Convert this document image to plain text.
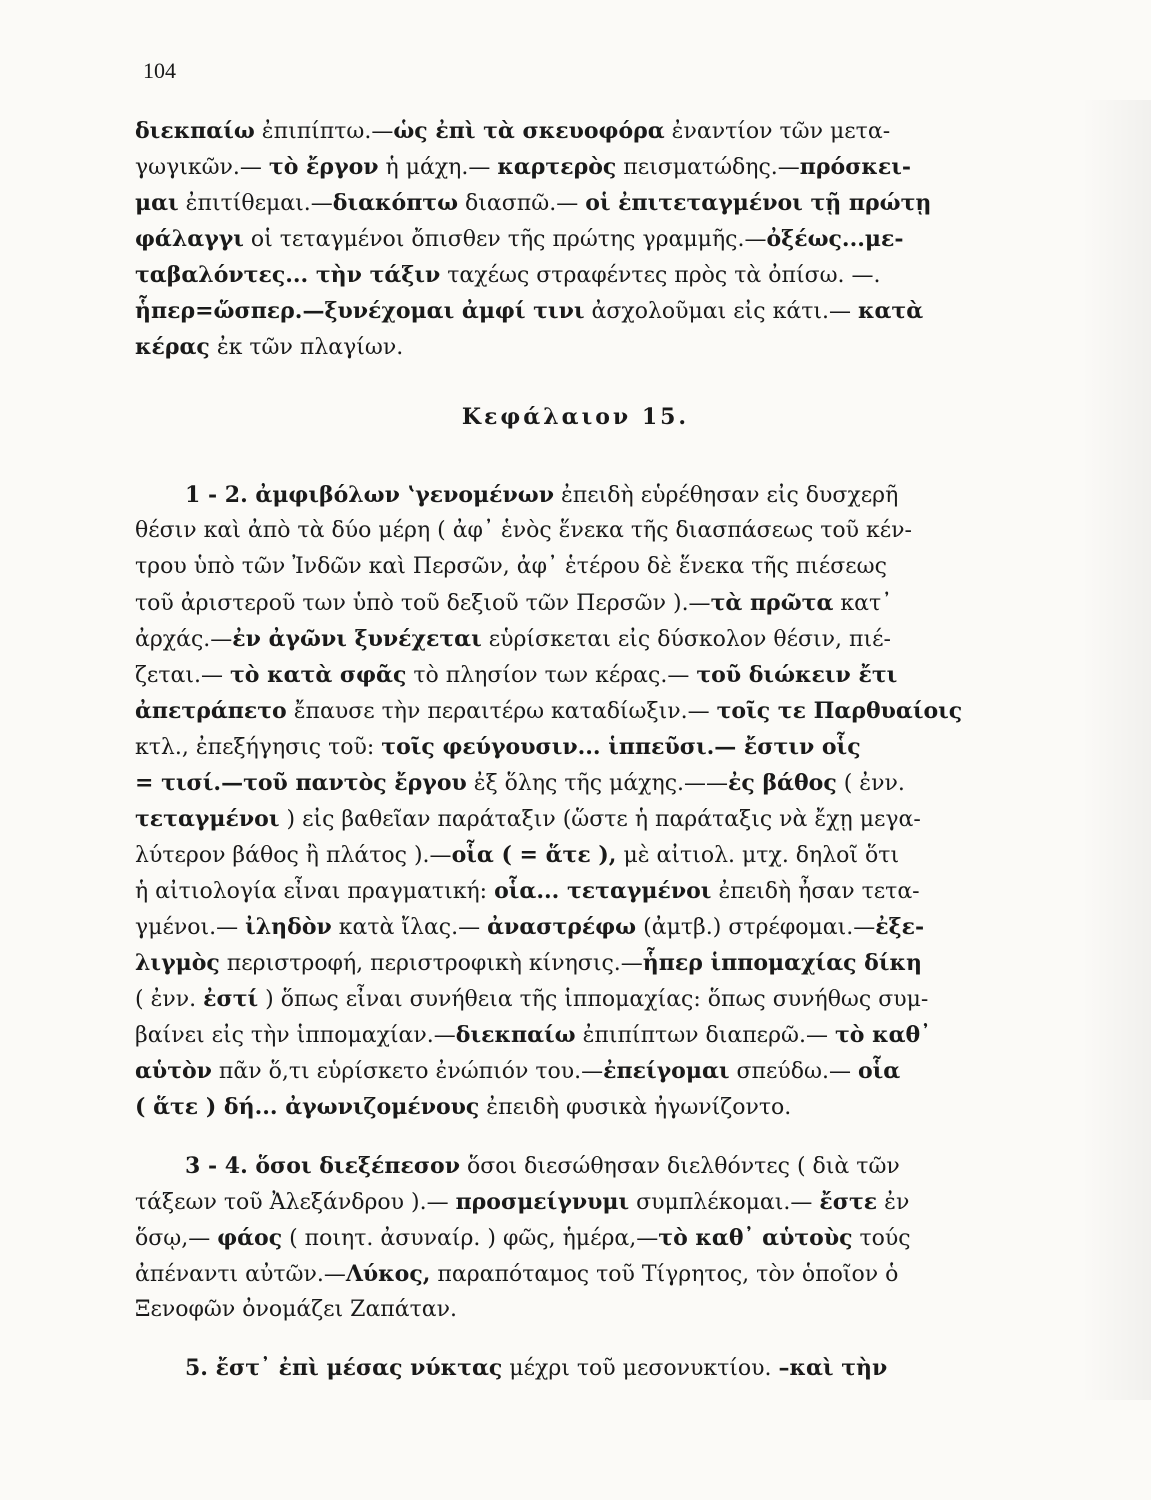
104
διεκπαίω ἐπιπίπτω.—ὡς ἐπὶ τὰ σκευοφόρα ἐναντίον τῶν μετα-
γωγικῶν.— τὸ ἔργον ἡ μάχη.— καρτερὸς πεισματώδης.—πρόσκει-
μαι ἐπιτίθεμαι.—διακόπτω διασπῶ.— οἱ ἐπιτεταγμένοι τῇ πρώτῃ
φάλαγγι οἱ τεταγμένοι ὄπισθεν τῆς πρώτης γραμμῆς.—ὀξέως...με-
ταβαλόντες... τὴν τάξιν ταχέως στραφέντες πρὸς τὰ ὀπίσω. —.
ἧπερ=ὥσπερ.—ξυνέχομαι ἀμφί τινι ἀσχολοῦμαι εἰς κάτι.— κατὰ
κέρας ἐκ τῶν πλαγίων.
Κεφάλαιον 15.
1 - 2. ἀμφιβόλων ʽγενομένων ἐπειδὴ εὑρέθησαν εἰς δυσχερῆ
θέσιν καὶ ἀπὸ τὰ δύο μέρη ( ἀφ᾽ ἑνὸς ἕνεκα τῆς διασπάσεως τοῦ κέν-
τρου ὑπὸ τῶν Ἰνδῶν καὶ Περσῶν, ἀφ᾽ ἑτέρου δὲ ἕνεκα τῆς πιέσεως
τοῦ ἀριστεροῦ των ὑπὸ τοῦ δεξιοῦ τῶν Περσῶν ).—τὰ πρῶτα κατ᾽
ἀρχάς.—ἐν ἀγῶνι ξυνέχεται εὑρίσκεται εἰς δύσκολον θέσιν, πιέ-
ζεται.— τὸ κατὰ σφᾶς τὸ πλησίον των κέρας.— τοῦ διώκειν ἔτι
ἀπετράπετο ἔπαυσε τὴν περαιτέρω καταδίωξιν.— τοῖς τε Παρθυαίοις
κτλ., ἐπεξήγησις τοῦ: τοῖς φεύγουσιν... ἱππεῦσι.— ἔστιν οἷς
= τισί.—τοῦ παντὸς ἔργου ἐξ ὅλης τῆς μάχης.——ἐς βάθος ( ἐνν.
τεταγμένοι ) εἰς βαθεῖαν παράταξιν (ὥστε ἡ παράταξις νὰ ἔχῃ μεγα-
λύτερον βάθος ἢ πλάτος ).—οἷα ( = ἅτε ), μὲ αἰτιολ. μτχ. δηλοῖ ὅτι
ἡ αἰτιολογία εἶναι πραγματική: οἷα... τεταγμένοι ἐπειδὴ ἦσαν τετα-
γμένοι.— ἰληδὸν κατὰ ἴλας.— ἀναστρέφω (ἀμτβ.) στρέφομαι.—ἐξε-
λιγμὸς περιστροφή, περιστροφικὴ κίνησις.—ἧπερ ἱππομαχίας δίκη
( ἐνν. ἐστί ) ὅπως εἶναι συνήθεια τῆς ἱππομαχίας: ὅπως συνήθως συμ-
βαίνει εἰς τὴν ἱππομαχίαν.—διεκπαίω ἐπιπίπτων διαπερῶ.— τὸ καθ᾽
αὑτὸν πᾶν ὅ,τι εὑρίσκετο ἐνώπιόν του.—ἐπείγομαι σπεύδω.— οἷα
( ἅτε ) δή... ἀγωνιζομένους ἐπειδὴ φυσικὰ ἠγωνίζοντο.
3 - 4. ὅσοι διεξέπεσον ὅσοι διεσώθησαν διελθόντες ( διὰ τῶν
τάξεων τοῦ Ἀλεξάνδρου ).— προσμείγνυμι συμπλέκομαι.— ἔστε ἐν
ὅσῳ,— φάος ( ποιητ. ἀσυναίρ. ) φῶς, ἡμέρα,—τὸ καθ᾽ αὑτοὺς τούς
ἀπέναντι αὐτῶν.—Λύκος, παραπόταμος τοῦ Τίγρητος, τὸν ὁποῖον ὁ
Ξενοφῶν ὀνομάζει Ζαπάταν.
5. ἔστ᾽ ἐπὶ μέσας νύκτας μέχρι τοῦ μεσονυκτίου. –καὶ τὴν
